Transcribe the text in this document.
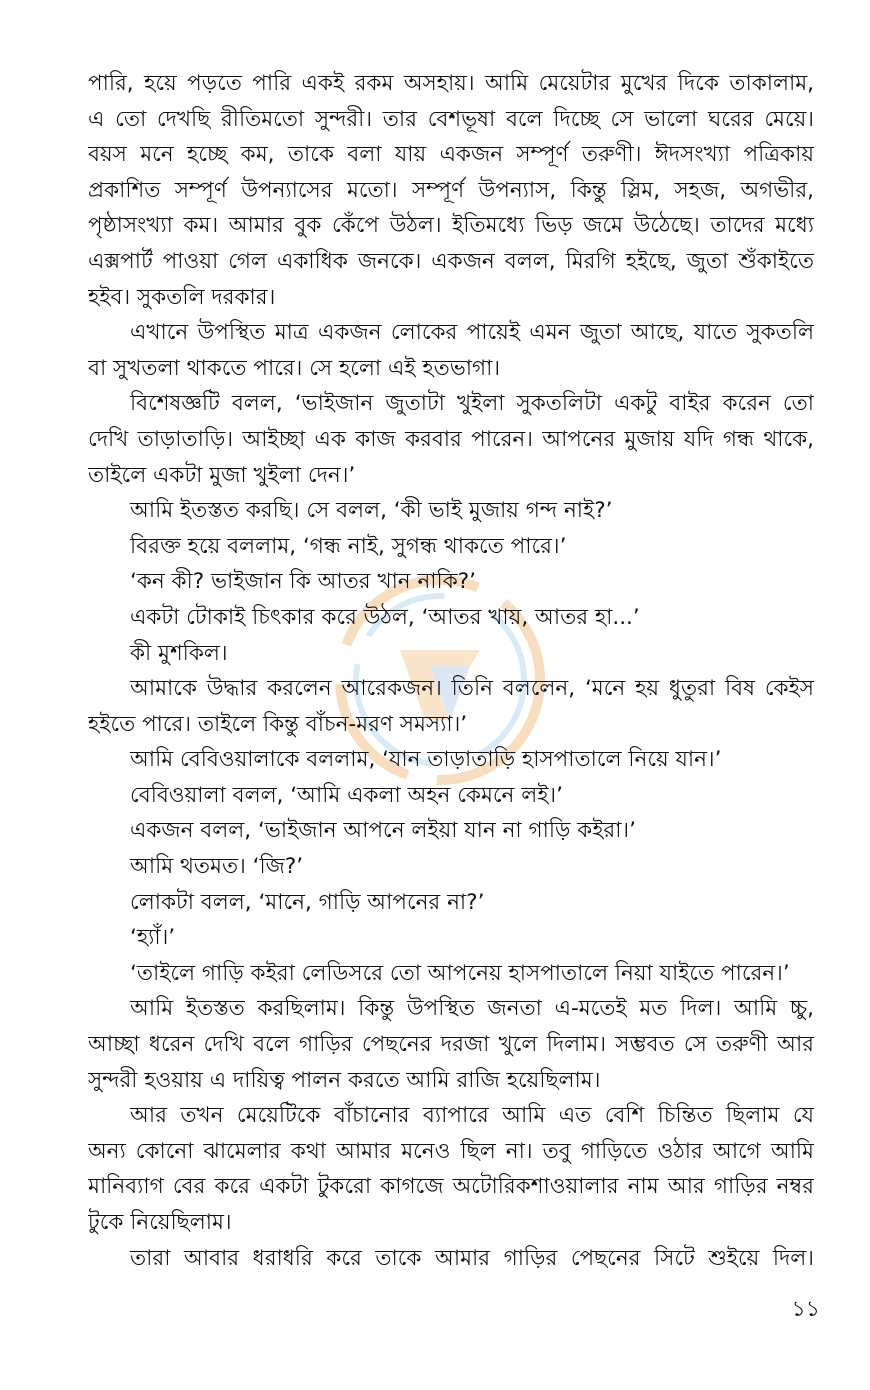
পারি, হয়ে পড়তে পারি একই রকম অসহায়। আমি মেয়েটার মুখের দিকে তাকালাম,
এ তো দেখছি রীতিমতো সুন্দরী। তার বেশভূষা বলে দিচ্ছে সে ভালো ঘরের মেয়ে।
বয়স মনে হচ্ছে কম, তাকে বলা যায় একজন সম্পূর্ণ তরুণী। ঈদসংখ্যা পত্রিকায়
প্রকাশিত সম্পূর্ণ উপন্যাসের মতো। সম্পূর্ণ উপন্যাস, কিন্তু স্লিম, সহজ, অগভীর,
পৃষ্ঠাসংখ্যা কম। আমার বুক কেঁপে উঠল। ইতিমধ্যে ভিড় জমে উঠেছে। তাদের মধ্যে
এক্সপার্ট পাওয়া গেল একাধিক জনকে। একজন বলল, মিরগি হইছে, জুতা শুঁকাইতে
হইব। সুকতলি দরকার।
এখানে উপস্থিত মাত্র একজন লোকের পায়েই এমন জুতা আছে, যাতে সুকতলি
বা সুখতলা থাকতে পারে। সে হলো এই হতভাগা।
বিশেষজ্ঞটি বলল, ‘ভাইজান জুতাটা খুইলা সুকতলিটা একটু বাইর করেন তো
দেখি তাড়াতাড়ি। আইচ্ছা এক কাজ করবার পারেন। আপনের মুজায় যদি গন্ধ থাকে,
তাইলে একটা মুজা খুইলা দেন।’
আমি ইতস্তত করছি। সে বলল, ‘কী ভাই মুজায় গন্দ নাই?’
বিরক্ত হয়ে বললাম, ‘গন্ধ নাই, সুগন্ধ থাকতে পারে।’
‘কন কী? ভাইজান কি আতর খান নাকি?’
একটা টোকাই চিৎকার করে উঠল, ‘আতর খায়, আতর হা...’
কী মুশকিল।
আমাকে উদ্ধার করলেন আরেকজন। তিনি বললেন, ‘মনে হয় ধুতুরা বিষ কেইস
হইতে পারে। তাইলে কিন্তু বাঁচন-মরণ সমস্যা।’
আমি বেবিওয়ালাকে বললাম, ‘যান তাড়াতাড়ি হাসপাতালে নিয়ে যান।’
বেবিওয়ালা বলল, ‘আমি একলা অহন কেমনে লই।’
একজন বলল, ‘ভাইজান আপনে লইয়া যান না গাড়ি কইরা।’
আমি থতমত। ‘জি?’
লোকটা বলল, ‘মানে, গাড়ি আপনের না?’
‘হ্যাঁ।’
‘তাইলে গাড়ি কইরা লেডিসরে তো আপনেয় হাসপাতালে নিয়া যাইতে পারেন।’
আমি ইতস্তত করছিলাম। কিন্তু উপস্থিত জনতা এ-মতেই মত দিল। আমি চ্চু,
আচ্ছা ধরেন দেখি বলে গাড়ির পেছনের দরজা খুলে দিলাম। সম্ভবত সে তরুণী আর
সুন্দরী হওয়ায় এ দায়িত্ব পালন করতে আমি রাজি হয়েছিলাম।
আর তখন মেয়েটিকে বাঁচানোর ব্যাপারে আমি এত বেশি চিন্তিত ছিলাম যে
অন্য কোনো ঝামেলার কথা আমার মনেও ছিল না। তবু গাড়িতে ওঠার আগে আমি
মানিব্যাগ বের করে একটা টুকরো কাগজে অটোরিকশাওয়ালার নাম আর গাড়ির নম্বর
টুকে নিয়েছিলাম।
তারা আবার ধরাধরি করে তাকে আমার গাড়ির পেছনের সিটে শুইয়ে দিল।
১১
